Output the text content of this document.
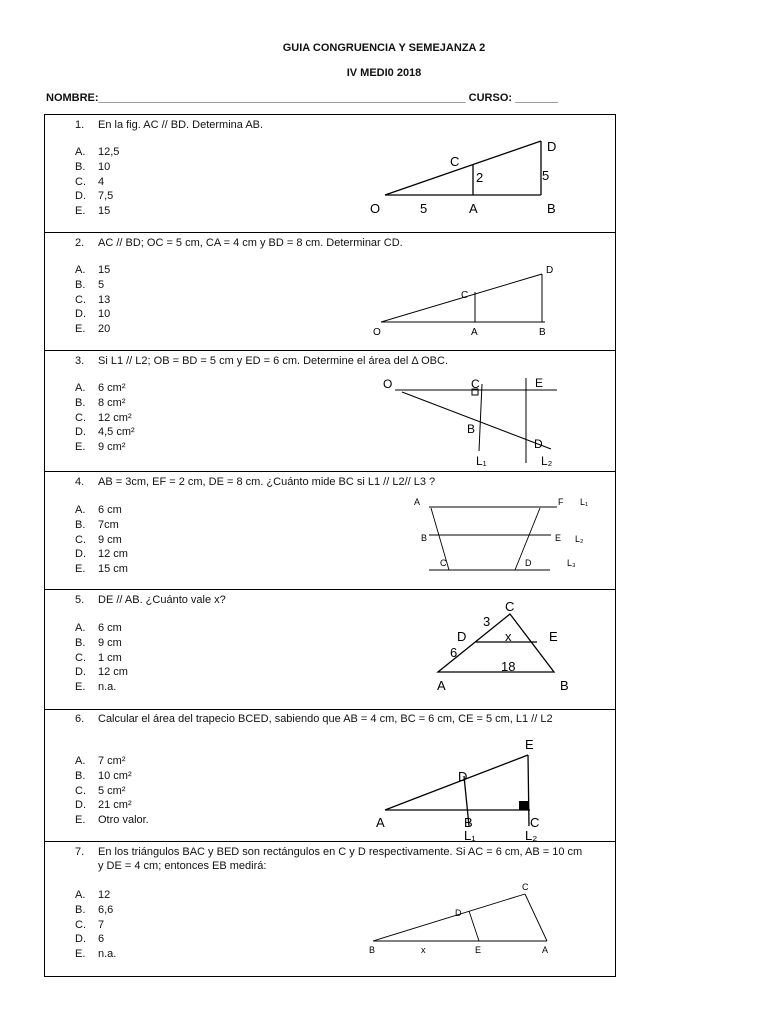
GUIA CONGRUENCIA Y SEMEJANZA 2
IV MEDI0 2018
NOMBRE:____________________________________________________________ CURSO: _______
1. En la fig. AC // BD. Determina AB.
A. 12,5
B. 10
C. 4
D. 7,5
E. 15
C
D
O	5	A	B
2	5
2. AC // BD; OC = 5 cm, CA = 4 cm y BD = 8 cm. Determinar CD.
A. 15
B. 5
C. 13
D. 10
E. 20
C
D
O	A	B
3. Si L1 // L2; OB = BD = 5 cm y ED = 6 cm. Determine el área del Δ OBC.
A. 6 cm²
B. 8 cm²
C. 12 cm²
D. 4,5 cm²
E. 9 cm²
O	C	E
B
D
L₁	L₂
4. AB = 3cm, EF = 2 cm, DE = 8 cm. ¿Cuánto mide BC si L1 // L2// L3 ?
A. 6 cm
B. 7cm
C. 9 cm
D. 12 cm
E. 15 cm
A	F L₁
B	E L₂
C	D	L₃
5. DE // AB. ¿Cuánto vale x?
A. 6 cm
B. 9 cm
C. 1 cm
D. 12 cm
E. n.a.
C
3
D	x	E
6
18
A	B
6. Calcular el área del trapecio BCED, sabiendo que AB = 4 cm, BC = 6 cm, CE = 5 cm, L1 // L2
A. 7 cm²
B. 10 cm²
C. 5 cm²
D. 21 cm²
E. Otro valor.
E
D
A	B	C
L₁	L₂
7. En los triángulos BAC y BED son rectángulos en C y D respectivamente. Si AC = 6 cm, AB = 10 cm y DE = 4 cm; entonces EB medirá:
A. 12
B. 6,6
C. 7
D. 6
E. n.a.
C
D
B	x	E	A
